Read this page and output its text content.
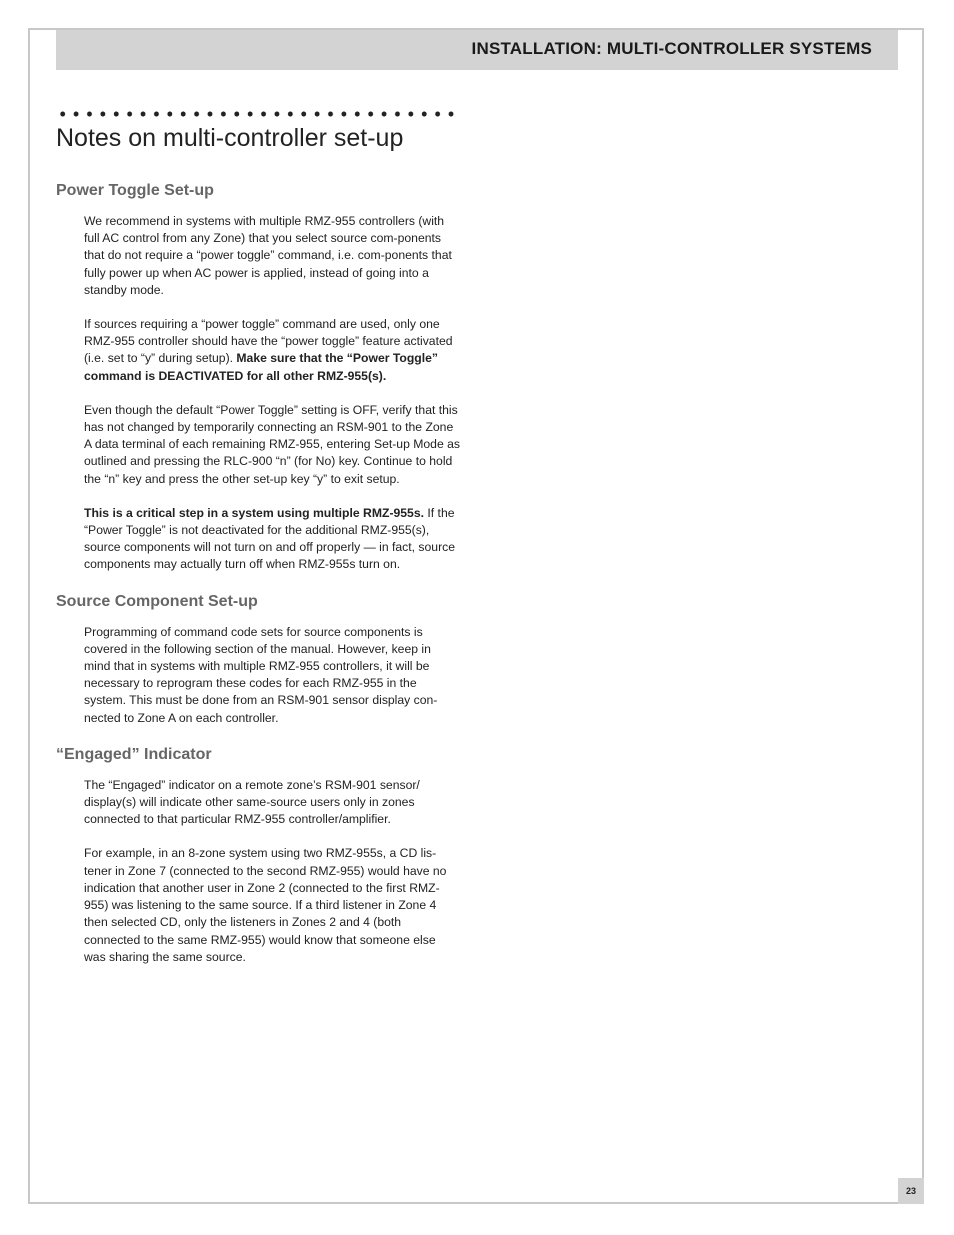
INSTALLATION: MULTI-CONTROLLER SYSTEMS
Notes on multi-controller set-up
Power Toggle Set-up

We recommend in systems with multiple RMZ-955 controllers (with full AC control from any Zone) that you select source com-ponents that do not require a “power toggle” command, i.e. com-ponents that fully power up when AC power is applied, instead of going into a standby mode.

If sources requiring a “power toggle” command are used, only one RMZ-955 controller should have the “power toggle” feature activated (i.e. set to “y” during setup). Make sure that the “Power Toggle” command is DEACTIVATED for all other RMZ-955(s).

Even though the default “Power Toggle” setting is OFF, verify that this has not changed by temporarily connecting an RSM-901 to the Zone A data terminal of each remaining RMZ-955, entering Set-up Mode as outlined and pressing the RLC-900 “n” (for No) key. Continue to hold the “n” key and press the other set-up key “y” to exit setup.

This is a critical step in a system using multiple RMZ-955s. If the “Power Toggle” is not deactivated for the additional RMZ-955(s), source components will not turn on and off properly — in fact, source components may actually turn off when RMZ-955s turn on.

Source Component Set-up

Programming of command code sets for source components is covered in the following section of the manual. However, keep in mind that in systems with multiple RMZ-955 controllers, it will be necessary to reprogram these codes for each RMZ-955 in the system. This must be done from an RSM-901 sensor display con-nected to Zone A on each controller.

“Engaged” Indicator

The “Engaged” indicator on a remote zone’s RSM-901 sensor/ display(s) will indicate other same-source users only in zones connected to that particular RMZ-955 controller/amplifier.

For example, in an 8-zone system using two RMZ-955s, a CD lis-tener in Zone 7 (connected to the second RMZ-955) would have no indication that another user in Zone 2 (connected to the first RMZ-955) was listening to the same source. If a third listener in Zone 4 then selected CD, only the listeners in Zones 2 and 4 (both connected to the same RMZ-955) would know that someone else was sharing the same source.

23
